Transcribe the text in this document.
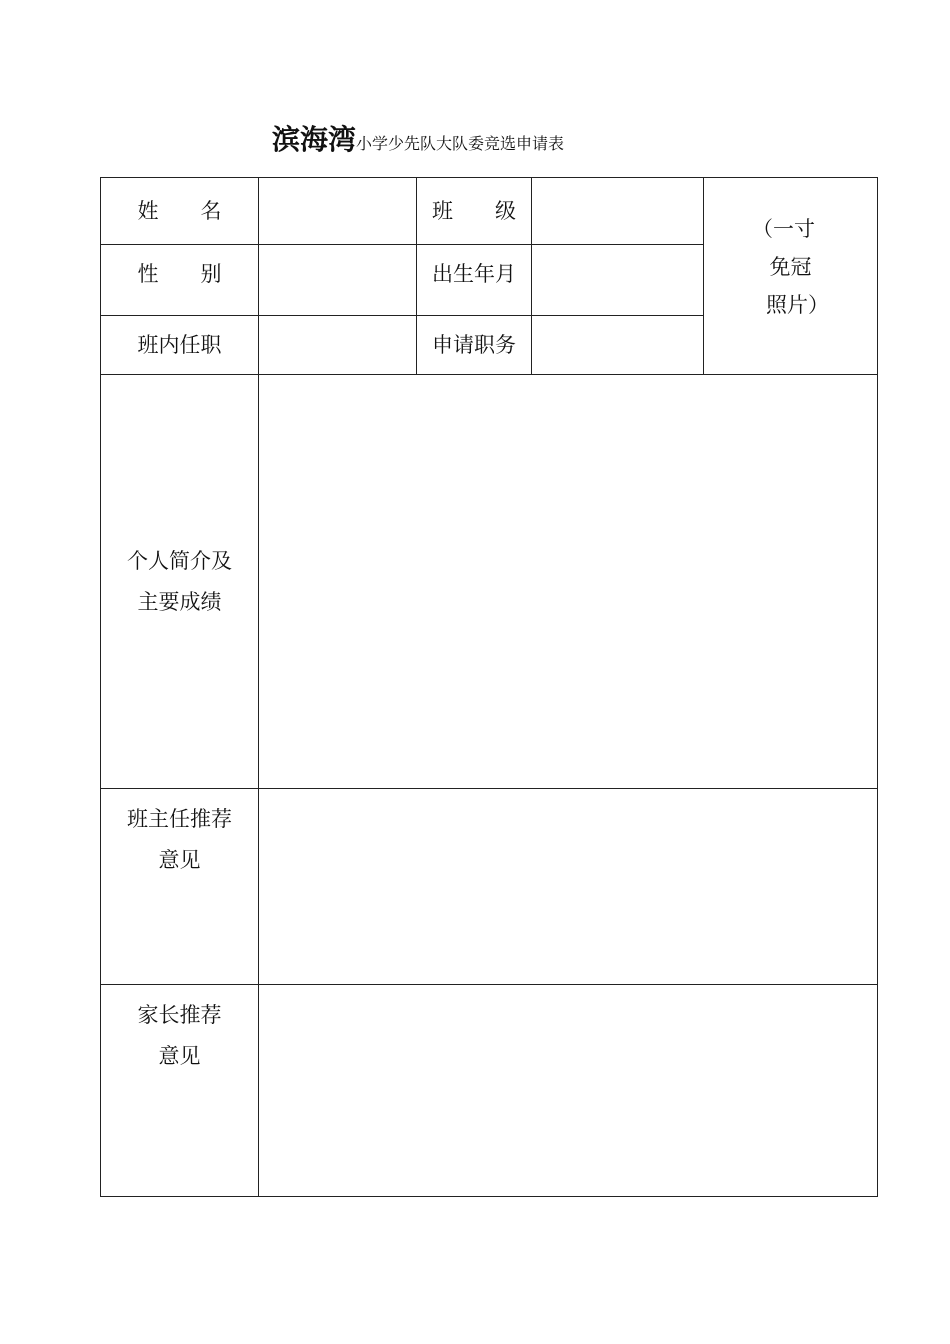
滨海湾小学少先队大队委竞选申请表
姓　　名	班　　级
（一寸
免冠
照片）
性　　别	出生年月
班内任职	申请职务
个人简介及
主要成绩
班主任推荐
意见
家长推荐
意见
